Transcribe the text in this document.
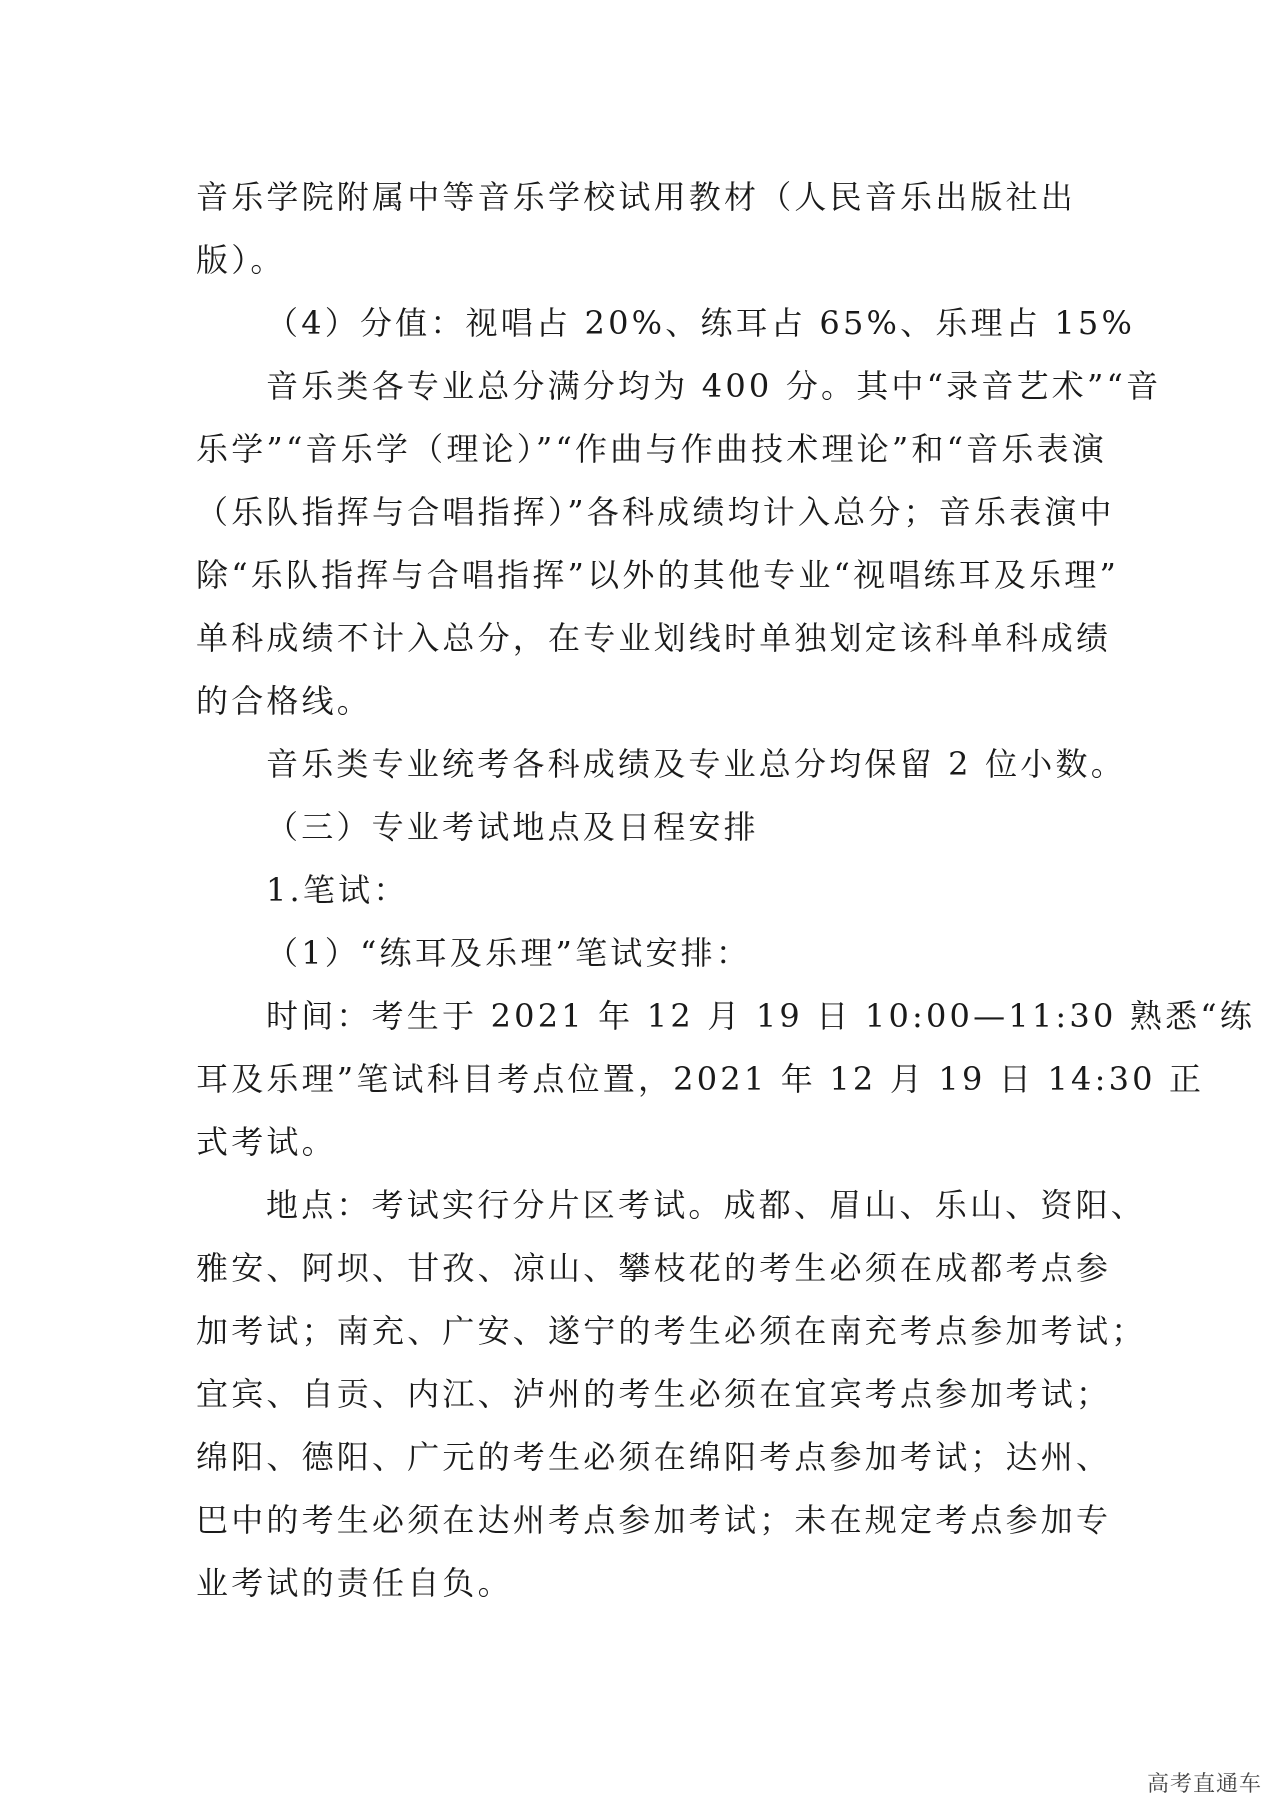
音乐学院附属中等音乐学校试用教材（人民音乐出版社出

版）。

（4）分值：视唱占 20%、练耳占 65%、乐理占 15%

音乐类各专业总分满分均为 400 分。其中“录音艺术”“音

乐学”“音乐学（理论）”“作曲与作曲技术理论”和“音乐表演

（乐队指挥与合唱指挥）”各科成绩均计入总分；音乐表演中

除“乐队指挥与合唱指挥”以外的其他专业“视唱练耳及乐理”

单科成绩不计入总分，在专业划线时单独划定该科单科成绩

的合格线。

音乐类专业统考各科成绩及专业总分均保留 2 位小数。

（三）专业考试地点及日程安排

1.笔试：

（1）“练耳及乐理”笔试安排：

时间：考生于 2021 年 12 月 19 日 10:00—11:30 熟悉“练

耳及乐理”笔试科目考点位置，2021 年 12 月 19 日 14:30 正

式考试。

地点：考试实行分片区考试。成都、眉山、乐山、资阳、

雅安、阿坝、甘孜、凉山、攀枝花的考生必须在成都考点参

加考试；南充、广安、遂宁的考生必须在南充考点参加考试；

宜宾、自贡、内江、泸州的考生必须在宜宾考点参加考试；

绵阳、德阳、广元的考生必须在绵阳考点参加考试；达州、

巴中的考生必须在达州考点参加考试；未在规定考点参加专

业考试的责任自负。

高考直通车
